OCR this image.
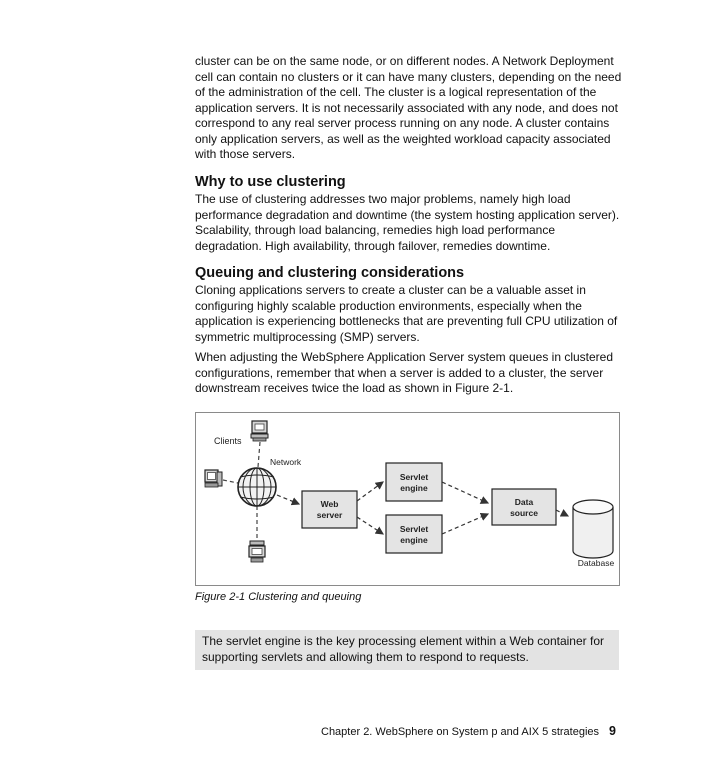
cluster can be on the same node, or on different nodes. A Network Deployment
cell can contain no clusters or it can have many clusters, depending on the need
of the administration of the cell. The cluster is a logical representation of the
application servers. It is not necessarily associated with any node, and does not
correspond to any real server process running on any node. A cluster contains
only application servers, as well as the weighted workload capacity associated
with those servers.
Why to use clustering
The use of clustering addresses two major problems, namely high load
performance degradation and downtime (the system hosting application server).
Scalability, through load balancing, remedies high load performance
degradation. High availability, through failover, remedies downtime.
Queuing and clustering considerations
Cloning applications servers to create a cluster can be a valuable asset in
configuring highly scalable production environments, especially when the
application is experiencing bottlenecks that are preventing full CPU utilization of
symmetric multiprocessing (SMP) servers.
When adjusting the WebSphere Application Server system queues in clustered
configurations, remember that when a server is added to a cluster, the server
downstream receives twice the load as shown in Figure 2-1.
Clients
Network
Web
server
Servlet
engine
Servlet
engine
Data
source
Database

Figure 2-1 Clustering and queuing

The servlet engine is the key processing element within a Web container for
supporting servlets and allowing them to respond to requests.

Chapter 2. WebSphere on System p and AIX 5 strategies 9
